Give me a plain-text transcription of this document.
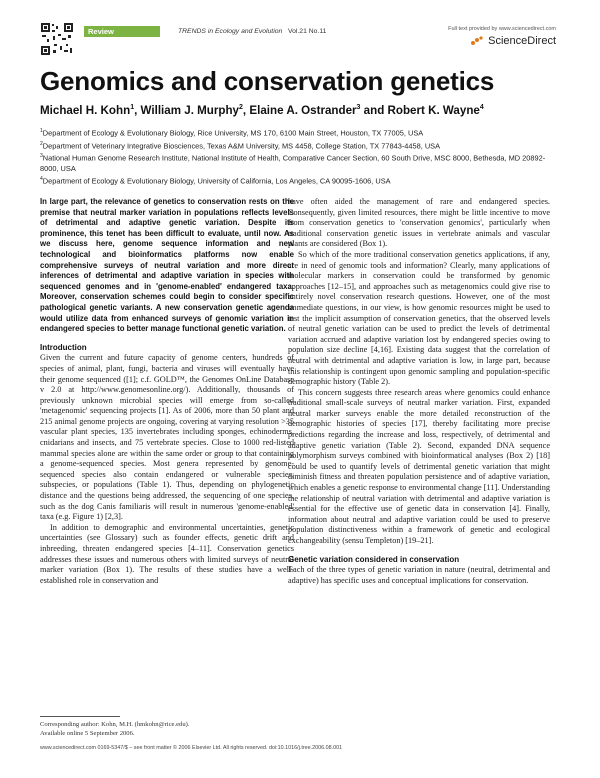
Review	TRENDS in Ecology and Evolution Vol.21 No.11	Full text provided by www.sciencedirect.com
ScienceDirect
Genomics and conservation genetics
Michael H. Kohn$^1$, William J. Murphy$^2$, Elaine A. Ostrander$^3$ and Robert K. Wayne$^4$
$^1$Department of Ecology & Evolutionary Biology, Rice University, MS 170, 6100 Main Street, Houston, TX 77005, USA
$^2$Department of Veterinary Integrative Biosciences, Texas A&M University, MS 4458, College Station, TX 77843-4458, USA
$^3$National Human Genome Research Institute, National Institute of Health, Comparative Cancer Section, 60 South Drive, MSC 8000, Bethesda, MD 20892-8000, USA
$^4$Department of Ecology & Evolutionary Biology, University of California, Los Angeles, CA 90095-1606, USA

In large part, the relevance of genetics to conservation rests on the premise that neutral marker variation in populations reflects levels of detrimental and adaptive genetic variation. Despite its prominence, this tenet has been difficult to evaluate, until now. As we discuss here, genome sequence information and new technological and bioinformatics platforms now enable comprehensive surveys of neutral variation and more direct inferences of detrimental and adaptive variation in species with sequenced genomes and in 'genome-enabled' endangered taxa. Moreover, conservation schemes could begin to consider specific pathological genetic variants. A new conservation genetic agenda would utilize data from enhanced surveys of genomic variation in endangered species to better manage functional genetic variation.

Introduction

Given the current and future capacity of genome centers, hundreds of species of animal, plant, fungi, bacteria and viruses will eventually have their genome sequenced ([1]; c.f. GOLD™, the Genomes OnLine Database v 2.0 at http://www.genomesonline.org/). Additionally, thousands of previously unknown microbial species will emerge from so-called 'metagenomic' sequencing projects [1]. As of 2006, more than 50 plant and 215 animal genome projects are ongoing, covering at varying resolution >35 vascular plant species, 135 invertebrates including sponges, echinoderms, cnidarians and insects, and 75 vertebrate species. Close to 1000 red-listed mammal species alone are within the same order or group to that containing a genome-sequenced species. Most genera represented by genome-sequenced species also contain endangered or vulnerable species, subspecies, or populations (Table 1). Thus, depending on phylogenetic distance and the questions being addressed, the sequencing of one species, such as the dog Canis familiaris will result in numerous 'genome-enabled' taxa (e.g. Figure 1) [2,3].

In addition to demographic and environmental uncertainties, genetic uncertainties (see Glossary) such as founder effects, genetic drift and inbreeding, threaten endangered species [4–11]. Conservation genetics addresses these issues and numerous others with limited surveys of neutral marker variation (Box 1). The results of these studies have a well-established role in conservation and

have often aided the management of rare and endangered species. Consequently, given limited resources, there might be little incentive to move from conservation genetics to 'conservation genomics', particularly when traditional conservation genetic issues in vertebrate animals and vascular plants are considered (Box 1).

So which of the more traditional conservation genetics applications, if any, are in need of genomic tools and information? Clearly, many applications of molecular markers in conservation could be transformed by genomic approaches [12–15], and approaches such as metagenomics could give rise to entirely novel conservation research questions. However, one of the most immediate questions, in our view, is how genomic resources might be used to test the implicit assumption of conservation genetics, that the observed levels of neutral genetic variation can be used to predict the levels of detrimental variation accrued and adaptive variation lost by endangered species owing to population size decline [4,16]. Existing data suggest that the correlation of neutral with detrimental and adaptive variation is low, in large part, because this relationship is contingent upon genomic sampling and population-specific demographic history (Table 2).

This concern suggests three research areas where genomics could enhance traditional small-scale surveys of neutral marker variation. First, expanded neutral marker surveys enable the more detailed reconstruction of the demographic histories of species [17], thereby facilitating more precise predictions regarding the increase and loss, respectively, of detrimental and adaptive genetic variation (Table 2). Second, expanded DNA sequence polymorphism surveys combined with bioinformatical analyses (Box 2) [18] could be used to quantify levels of detrimental genetic variation that might diminish fitness and threaten population persistence and of adaptive variation, which enables a genetic response to environmental change [11]. Understanding the relationship of neutral variation with detrimental and adaptive variation is essential for the effective use of genetic data in conservation [4]. Finally, information about neutral and adaptive variation could be used to preserve population distinctiveness within a framework of genetic and ecological exchangeability (sensu Templeton) [19–21].

Genetic variation considered in conservation

Each of the three types of genetic variation in nature (neutral, detrimental and adaptive) has specific uses and conceptual implications for conservation.

Corresponding author: Kohn, M.H. (hmkohn@rice.edu).
Available online 5 September 2006.
www.sciencedirect.com 0169-5347/$ – see front matter © 2006 Elsevier Ltd. All rights reserved. doi:10.1016/j.tree.2006.08.001
